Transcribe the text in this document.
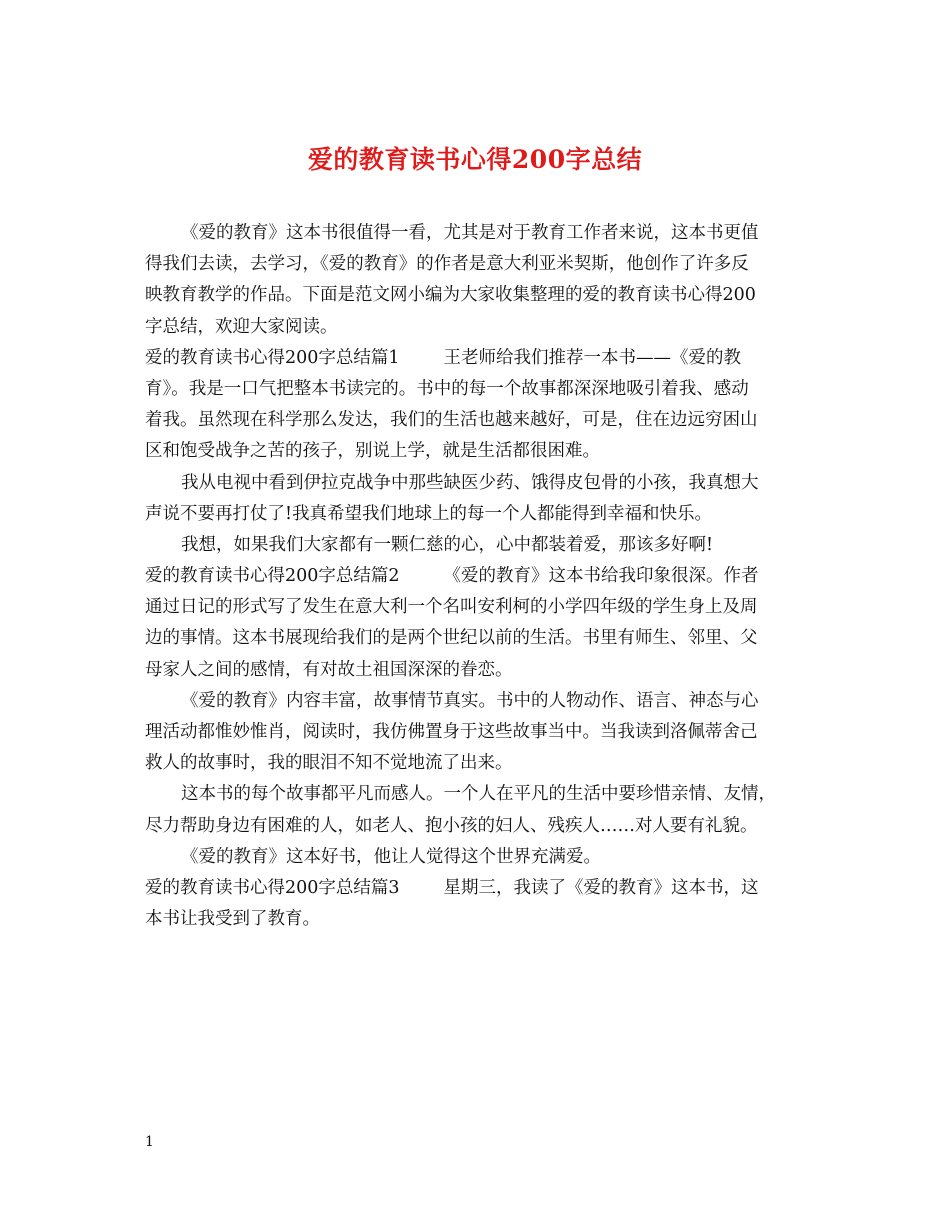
爱的教育读书心得200字总结
《爱的教育》这本书很值得一看，尤其是对于教育工作者来说，这本书更值
得我们去读，去学习，《爱的教育》的作者是意大利亚米契斯，他创作了许多反
映教育教学的作品。下面是范文网小编为大家收集整理的爱的教育读书心得200
字总结，欢迎大家阅读。
爱的教育读书心得200字总结篇1	王老师给我们推荐一本书——《爱的教
育》。我是一口气把整本书读完的。书中的每一个故事都深深地吸引着我、感动
着我。虽然现在科学那么发达，我们的生活也越来越好，可是，住在边远穷困山
区和饱受战争之苦的孩子，别说上学，就是生活都很困难。
我从电视中看到伊拉克战争中那些缺医少药、饿得皮包骨的小孩，我真想大
声说不要再打仗了!我真希望我们地球上的每一个人都能得到幸福和快乐。
我想，如果我们大家都有一颗仁慈的心，心中都装着爱，那该多好啊!
爱的教育读书心得200字总结篇2	《爱的教育》这本书给我印象很深。作者
通过日记的形式写了发生在意大利一个名叫安利柯的小学四年级的学生身上及周
边的事情。这本书展现给我们的是两个世纪以前的生活。书里有师生、邻里、父
母家人之间的感情，有对故土祖国深深的眷恋。
《爱的教育》内容丰富，故事情节真实。书中的人物动作、语言、神态与心
理活动都惟妙惟肖，阅读时，我仿佛置身于这些故事当中。当我读到洛佩蒂舍己
救人的故事时，我的眼泪不知不觉地流了出来。
这本书的每个故事都平凡而感人。一个人在平凡的生活中要珍惜亲情、友情，
尽力帮助身边有困难的人，如老人、抱小孩的妇人、残疾人……对人要有礼貌。
《爱的教育》这本好书，他让人觉得这个世界充满爱。
爱的教育读书心得200字总结篇3	星期三，我读了《爱的教育》这本书，这
本书让我受到了教育。
1
